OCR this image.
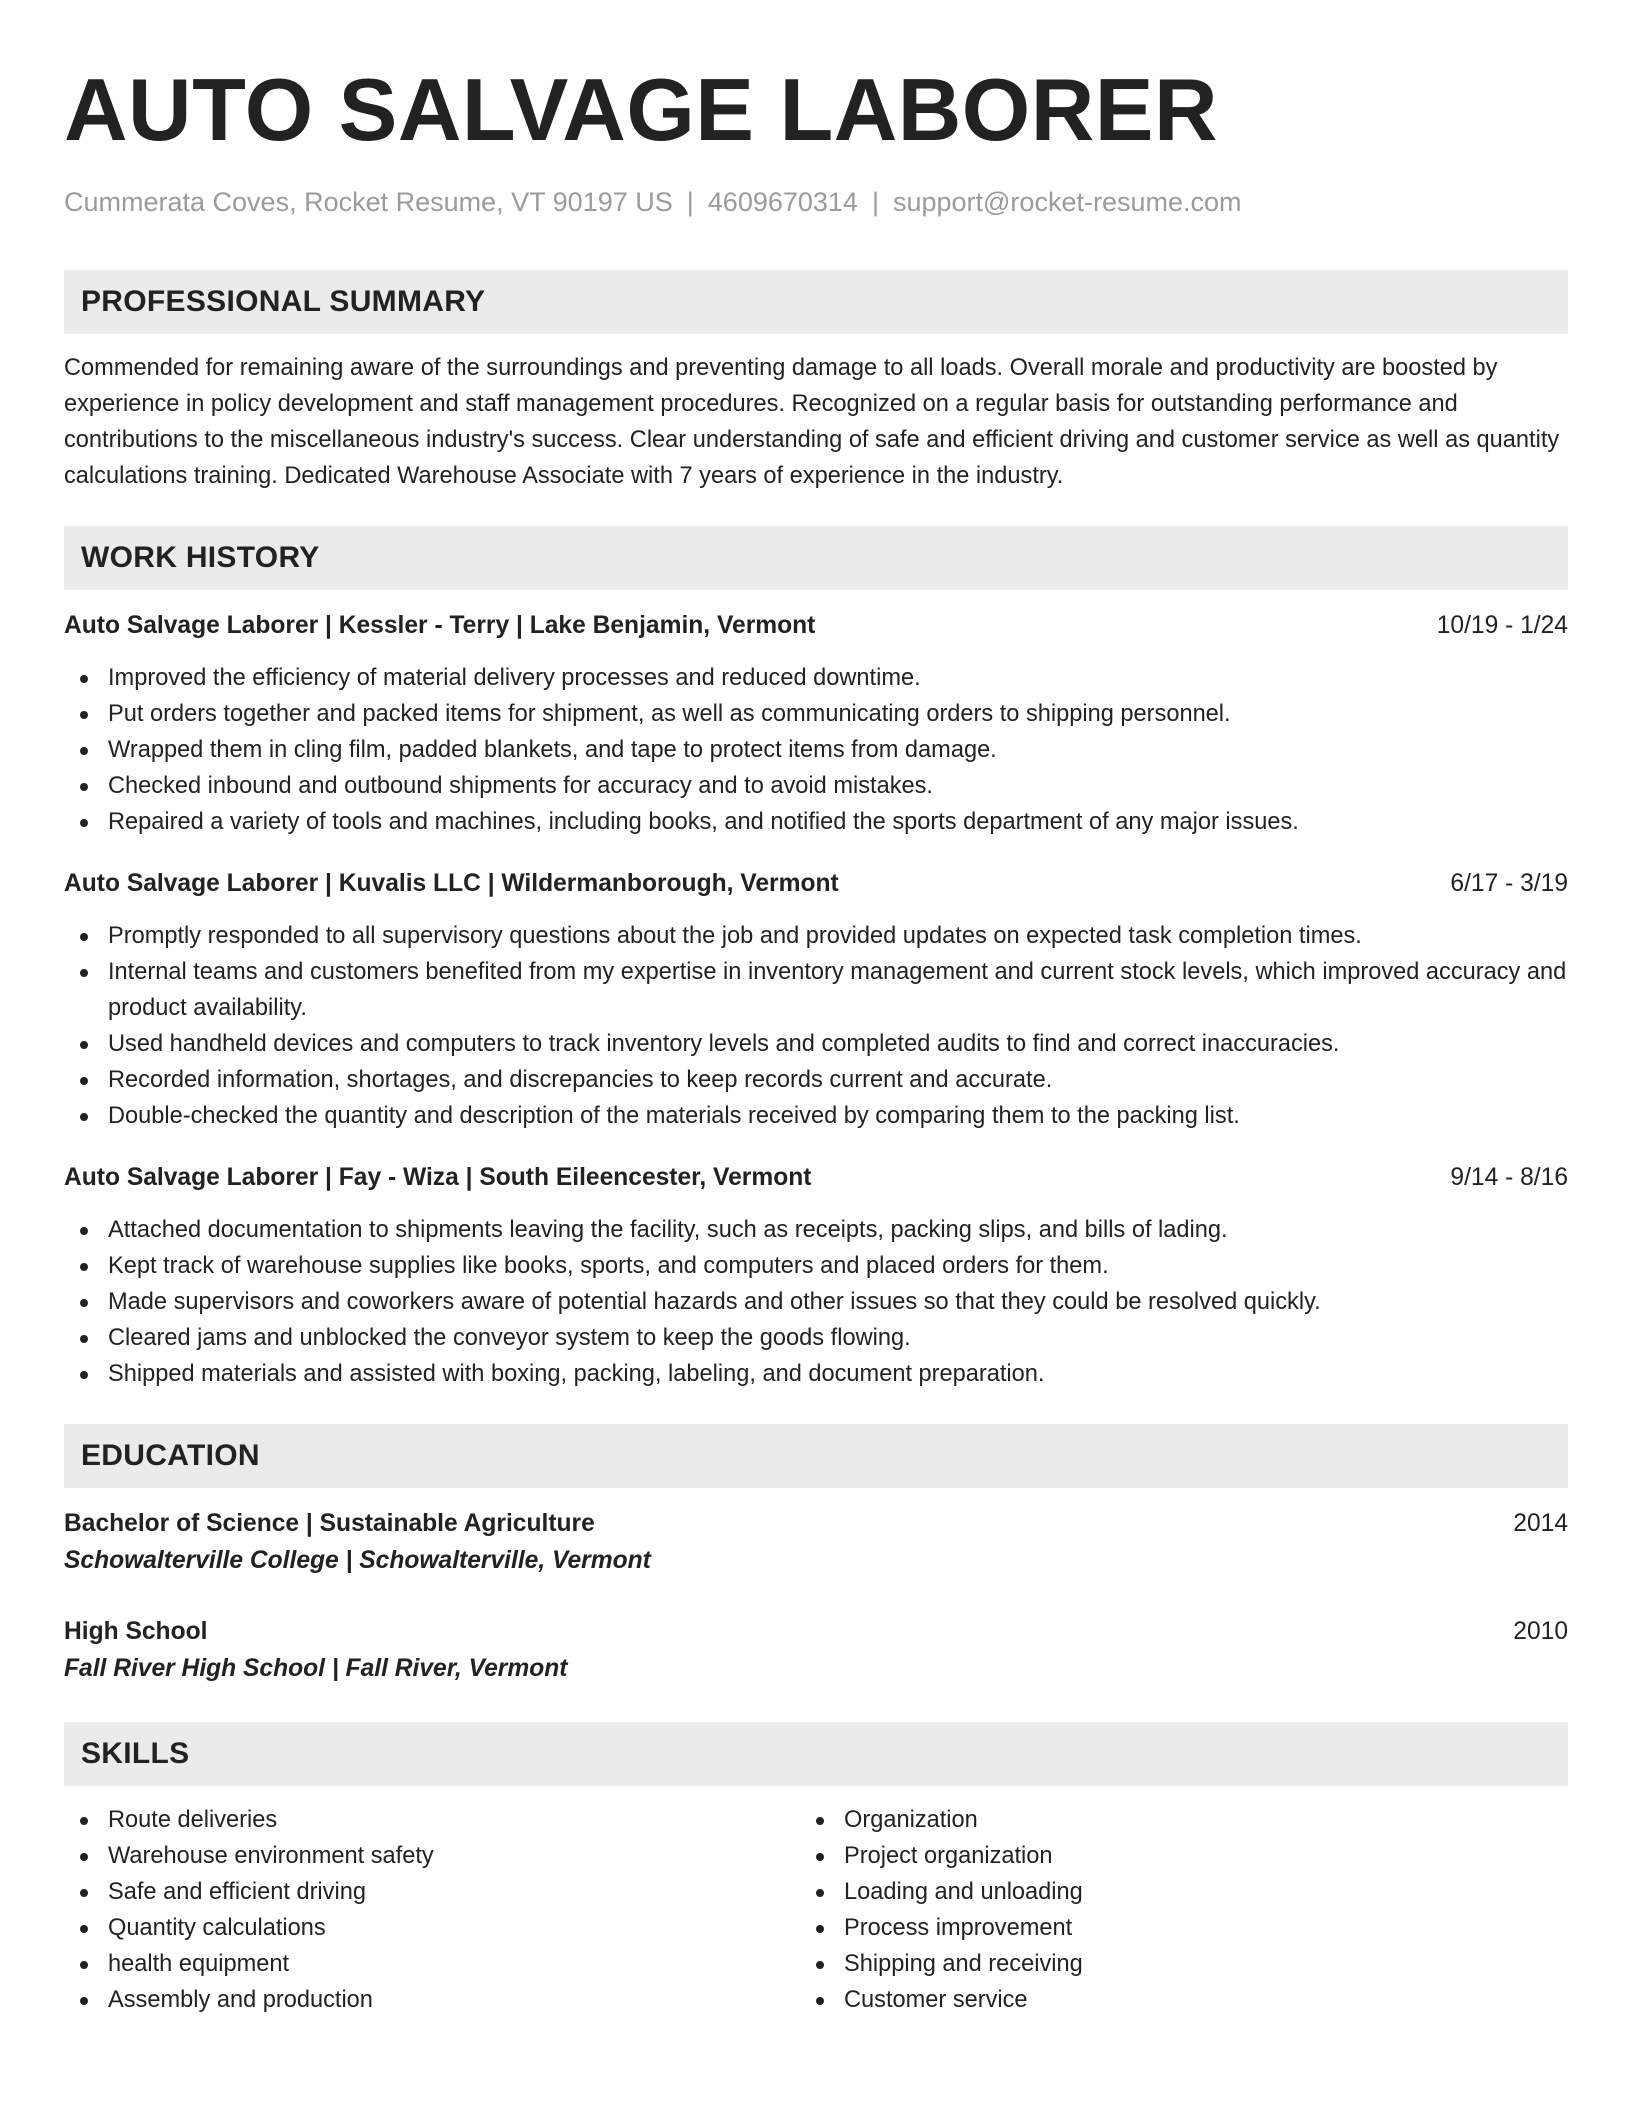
AUTO SALVAGE LABORER
Cummerata Coves, Rocket Resume, VT 90197 US | 4609670314 | support@rocket-resume.com
PROFESSIONAL SUMMARY

Commended for remaining aware of the surroundings and preventing damage to all loads. Overall morale and productivity are boosted by experience in policy development and staff management procedures. Recognized on a regular basis for outstanding performance and contributions to the miscellaneous industry's success. Clear understanding of safe and efficient driving and customer service as well as quantity calculations training. Dedicated Warehouse Associate with 7 years of experience in the industry.

WORK HISTORY
Auto Salvage Laborer | Kessler - Terry | Lake Benjamin, Vermont	10/19 - 1/24
Improved the efficiency of material delivery processes and reduced downtime.
Put orders together and packed items for shipment, as well as communicating orders to shipping personnel.
Wrapped them in cling film, padded blankets, and tape to protect items from damage.
Checked inbound and outbound shipments for accuracy and to avoid mistakes.
Repaired a variety of tools and machines, including books, and notified the sports department of any major issues.
Auto Salvage Laborer | Kuvalis LLC | Wildermanborough, Vermont	6/17 - 3/19
Promptly responded to all supervisory questions about the job and provided updates on expected task completion times.
Internal teams and customers benefited from my expertise in inventory management and current stock levels, which improved accuracy and product availability.
Used handheld devices and computers to track inventory levels and completed audits to find and correct inaccuracies.
Recorded information, shortages, and discrepancies to keep records current and accurate.
Double-checked the quantity and description of the materials received by comparing them to the packing list.
Auto Salvage Laborer | Fay - Wiza | South Eileencester, Vermont	9/14 - 8/16
Attached documentation to shipments leaving the facility, such as receipts, packing slips, and bills of lading.
Kept track of warehouse supplies like books, sports, and computers and placed orders for them.
Made supervisors and coworkers aware of potential hazards and other issues so that they could be resolved quickly.
Cleared jams and unblocked the conveyor system to keep the goods flowing.
Shipped materials and assisted with boxing, packing, labeling, and document preparation.
EDUCATION
Bachelor of Science | Sustainable Agriculture	2014
Schowalterville College | Schowalterville, Vermont
High School	2010
Fall River High School | Fall River, Vermont
SKILLS
Route deliveries
Warehouse environment safety
Safe and efficient driving
Quantity calculations
health equipment
Assembly and production
Organization
Project organization
Loading and unloading
Process improvement
Shipping and receiving
Customer service
